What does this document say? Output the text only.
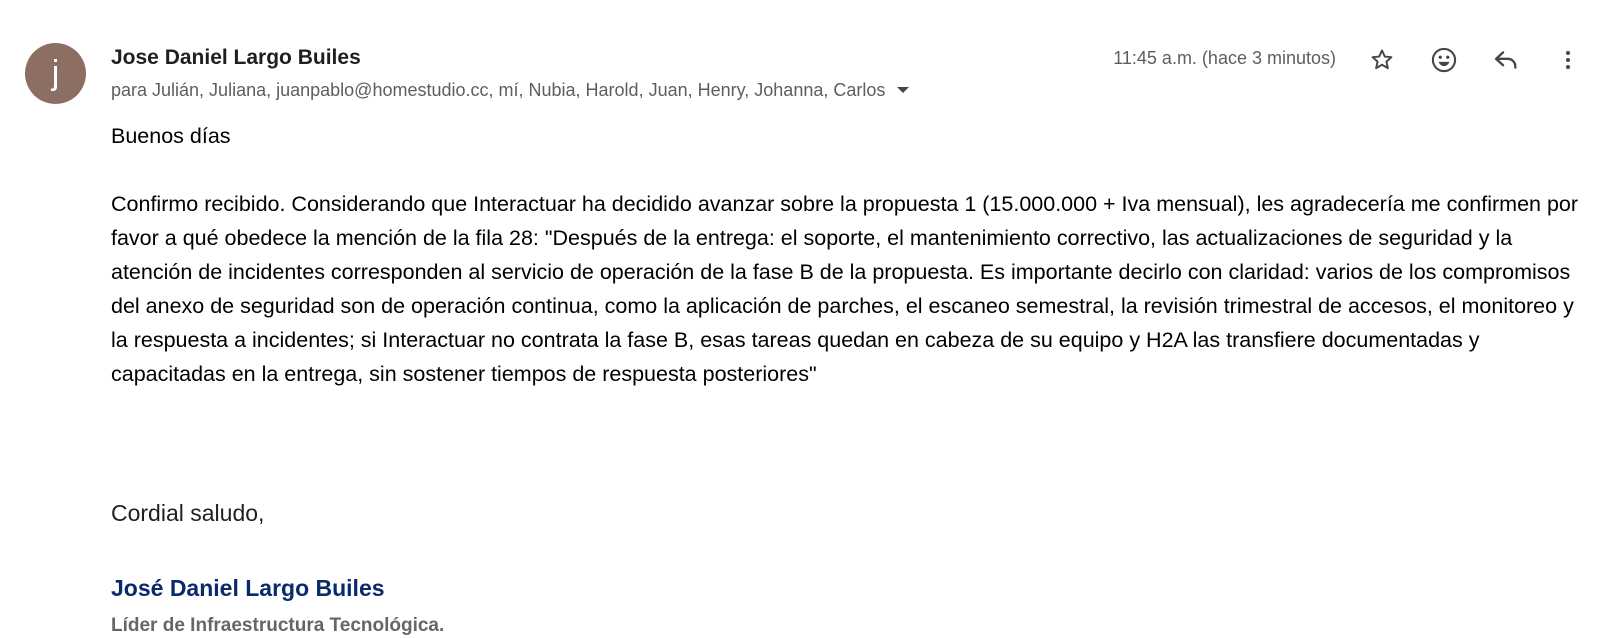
j	Jose Daniel Largo Builes
para Julián, Juliana, juanpablo@homestudio.cc, mí, Nubia, Harold, Juan, Henry, Johanna, Carlos
11:45 a.m. (hace 3 minutos)

Buenos días

Confirmo recibido. Considerando que Interactuar ha decidido avanzar sobre la propuesta 1 (15.000.000 + Iva mensual), les agradecería me confirmen por favor a qué obedece la mención de la fila 28: "Después de la entrega: el soporte, el mantenimiento correctivo, las actualizaciones de seguridad y la atención de incidentes corresponden al servicio de operación de la fase B de la propuesta. Es importante decirlo con claridad: varios de los compromisos del anexo de seguridad son de operación continua, como la aplicación de parches, el escaneo semestral, la revisión trimestral de accesos, el monitoreo y la respuesta a incidentes; si Interactuar no contrata la fase B, esas tareas quedan en cabeza de su equipo y H2A las transfiere documentadas y capacitadas en la entrega, sin sostener tiempos de respuesta posteriores"

Cordial saludo,
José Daniel Largo Builes
Líder de Infraestructura Tecnológica.
